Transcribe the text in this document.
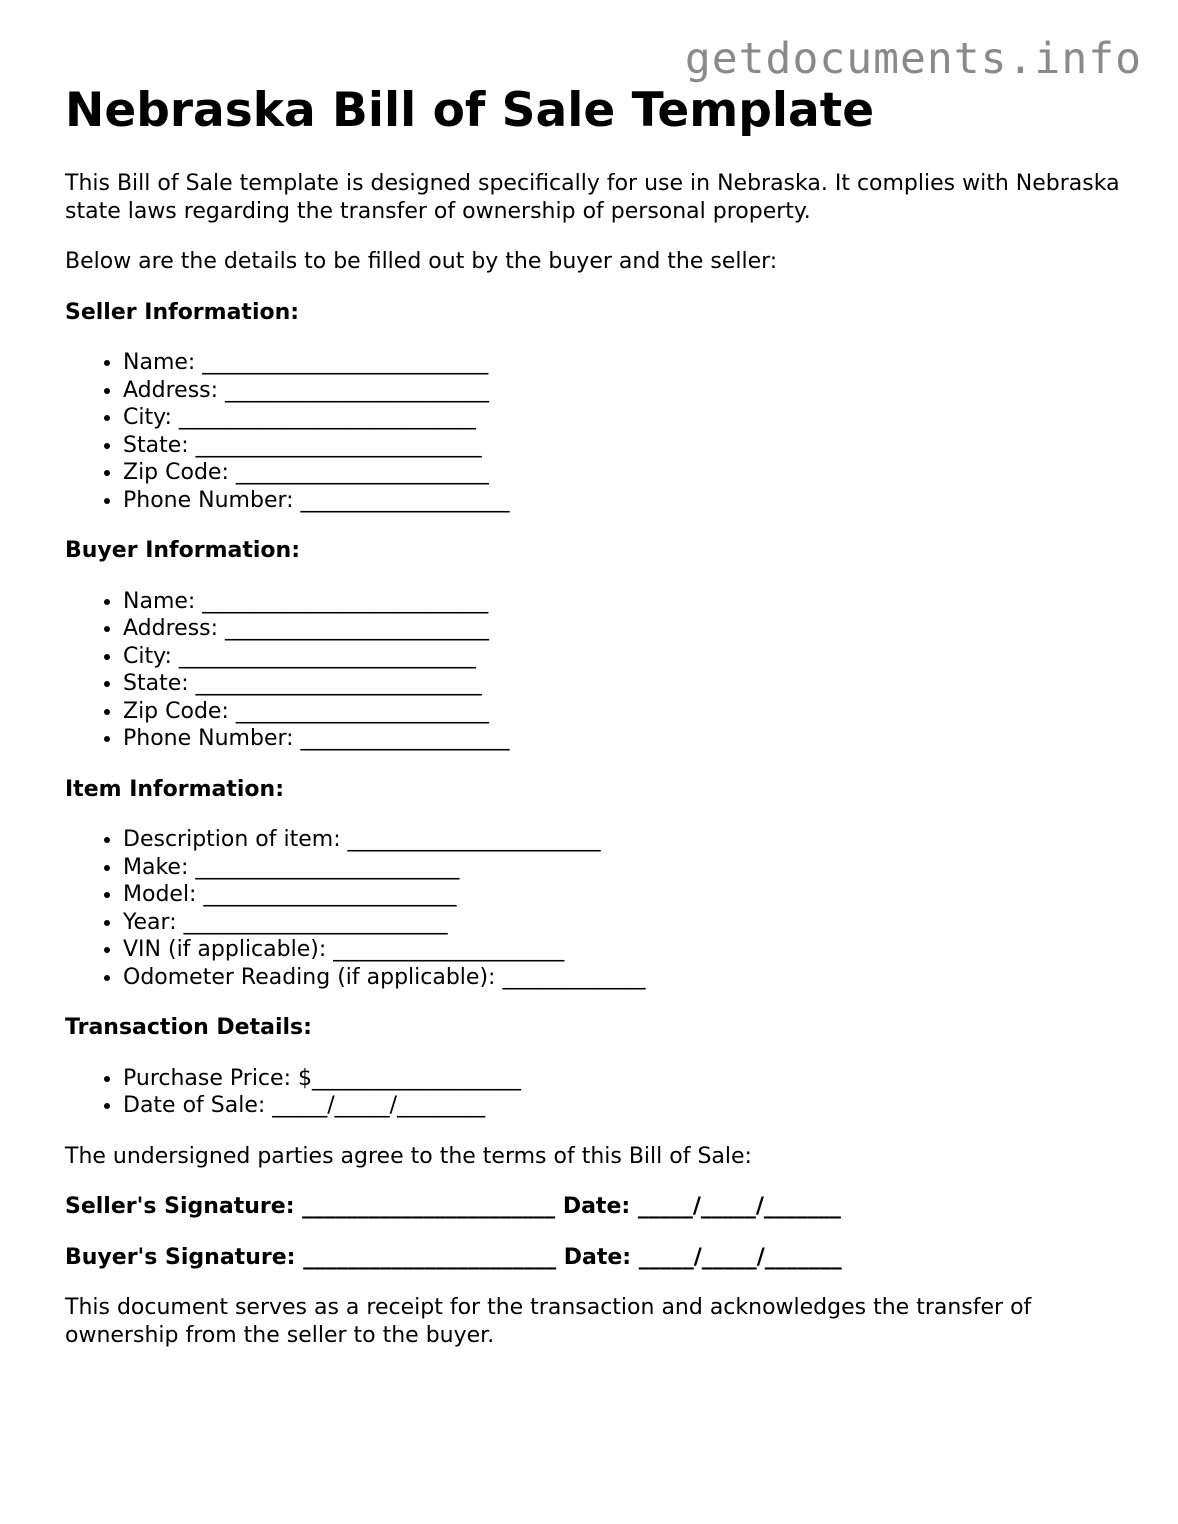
getdocuments.info
Nebraska Bill of Sale Template

This Bill of Sale template is designed specifically for use in Nebraska. It complies with Nebraska state laws regarding the transfer of ownership of personal property.

Below are the details to be filled out by the buyer and the seller:

Seller Information:

• Name: __________________________
• Address: ________________________
• City: ___________________________
• State: __________________________
• Zip Code: _______________________
• Phone Number: ___________________

Buyer Information:

• Name: __________________________
• Address: ________________________
• City: ___________________________
• State: __________________________
• Zip Code: _______________________
• Phone Number: ___________________

Item Information:

• Description of item: _______________________
• Make: ________________________
• Model: _______________________
• Year: ________________________
• VIN (if applicable): _____________________
• Odometer Reading (if applicable): _____________

Transaction Details:

• Purchase Price: $___________________
• Date of Sale: _____/_____/________

The undersigned parties agree to the terms of this Bill of Sale:

Seller's Signature: _______________________ Date: _____/_____/_______

Buyer's Signature: _______________________ Date: _____/_____/_______

This document serves as a receipt for the transaction and acknowledges the transfer of ownership from the seller to the buyer.
